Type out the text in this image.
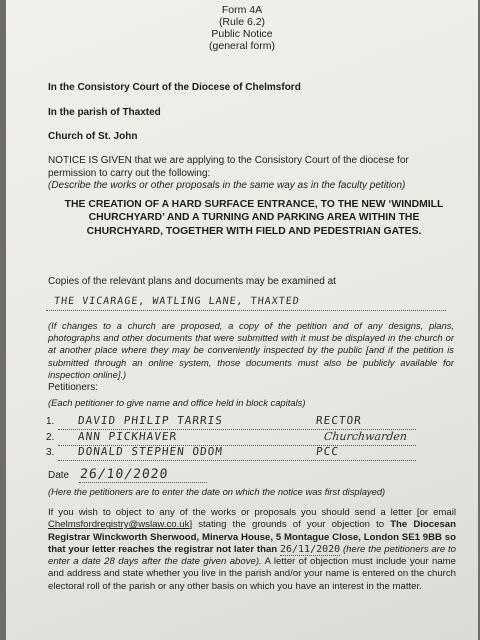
Form 4A
(Rule 6.2)
Public Notice
(general form)
In the Consistory Court of the Diocese of Chelmsford
In the parish of Thaxted
Church of St. John
NOTICE IS GIVEN that we are applying to the Consistory Court of the diocese for permission to carry out the following:
(Describe the works or other proposals in the same way as in the faculty petition)
THE CREATION OF A HARD SURFACE ENTRANCE, TO THE NEW ‘WINDMILL CHURCHYARD’ AND A TURNING AND PARKING AREA WITHIN THE CHURCHYARD, TOGETHER WITH FIELD AND PEDESTRIAN GATES.
Copies of the relevant plans and documents may be examined at
THE VICARAGE, WATLING LANE, THAXTED
(If changes to a church are proposed, a copy of the petition and of any designs, plans, photographs and other documents that were submitted with it must be displayed in the church or at another place where they may be conveniently inspected by the public [and if the petition is submitted through an online system, those documents must also be publicly available for inspection online].)
Petitioners:
(Each petitioner to give name and office held in block capitals)
1. DAVID PHILIP TARRIS	RECTOR
2. ANN PICKHAVER	Churchwarden
3. DONALD STEPHEN ODOM	PCC
Date 26/10/2020
(Here the petitioners are to enter the date on which the notice was first displayed)
If you wish to object to any of the works or proposals you should send a letter [or email Chelmsfordregistry@wslaw.co.uk] stating the grounds of your objection to The Diocesan Registrar Winckworth Sherwood, Minerva House, 5 Montague Close, London SE1 9BB so that your letter reaches the registrar not later than 26/11/2020 (here the petitioners are to enter a date 28 days after the date given above). A letter of objection must include your name and address and state whether you live in the parish and/or your name is entered on the church electoral roll of the parish or any other basis on which you have an interest in the matter.
